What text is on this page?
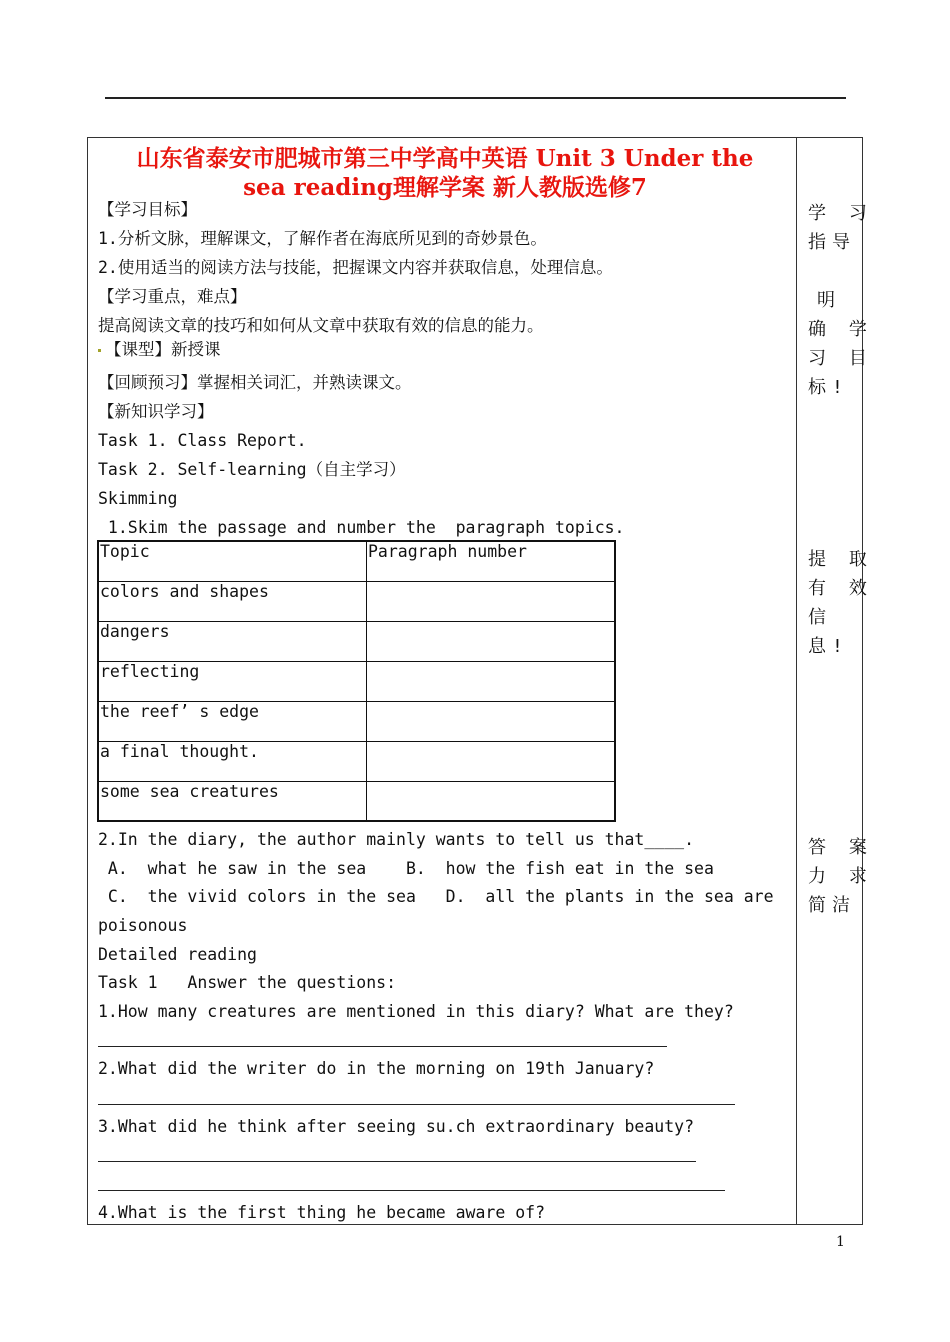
山东省泰安市肥城市第三中学高中英语 Unit 3 Under the
sea reading理解学案 新人教版选修7
【学习目标】
1.分析文脉，理解课文，了解作者在海底所见到的奇妙景色。
2.使用适当的阅读方法与技能，把握课文内容并获取信息，处理信息。
【学习重点，难点】
提高阅读文章的技巧和如何从文章中获取有效的信息的能力。
【课型】新授课
【回顾预习】掌握相关词汇，并熟读课文。
【新知识学习】
Task 1. Class Report.
Task 2. Self-learning（自主学习）
Skimming
1.Skim the passage and number the  paragraph topics.
Topic	Paragraph number
colors and shapes	
dangers	
reflecting	
the reef’ s edge	
a final thought.	
some sea creatures	
2.In the diary, the author mainly wants to tell us that____.
A.  what he saw in the sea    B.  how the fish eat in the sea
C.  the vivid colors in the sea   D.  all the plants in the sea are
poisonous
Detailed reading
Task 1   Answer the questions:
1.How many creatures are mentioned in this diary? What are they?
2.What did the writer do in the morning on 19th January?
3.What did he think after seeing su.ch extraordinary beauty?
4.What is the first thing he became aware of?
学 习
指导
明
确 学
习 目
标!
提 取
有 效
信
息!
答 案
力 求
简洁
1
